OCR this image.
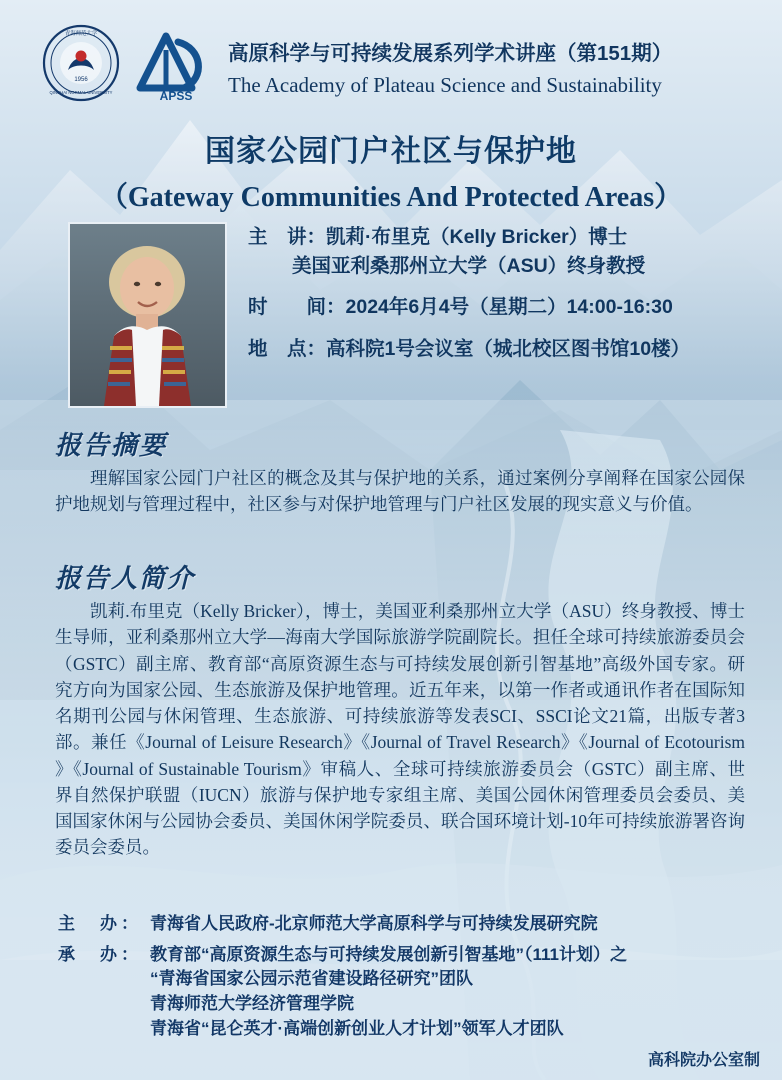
1956
青海师范大学
QINGHAI NORMAL UNIVERSITY	APSS
高原科学与可持续发展系列学术讲座（第151期）
The Academy of Plateau Science and Sustainability
国家公园门户社区与保护地
（Gateway Communities And Protected Areas）
主　讲：凯莉·布里克（Kelly Bricker）博士
美国亚利桑那州立大学（ASU）终身教授
时　　间：2024年6月4号（星期二）14:00-16:30
地　点：高科院1号会议室（城北校区图书馆10楼）
报告摘要
理解国家公园门户社区的概念及其与保护地的关系，通过案例分享阐释在国家公园保护地规划与管理过程中，社区参与对保护地管理与门户社区发展的现实意义与价值。
报告人简介
凯莉.布里克（Kelly Bricker），博士，美国亚利桑那州立大学（ASU）终身教授、博士生导师，亚利桑那州立大学—海南大学国际旅游学院副院长。担任全球可持续旅游委员会（GSTC）副主席、教育部“高原资源生态与可持续发展创新引智基地”高级外国专家。研究方向为国家公园、生态旅游及保护地管理。近五年来，以第一作者或通讯作者在国际知名期刊公园与休闲管理、生态旅游、可持续旅游等发表SCI、SSCI论文21篇，出版专著3部。兼任《Journal of Leisure Research》《Journal of Travel Research》《Journal of Ecotourism 》《Journal of Sustainable Tourism》审稿人、全球可持续旅游委员会（GSTC）副主席、世界自然保护联盟（IUCN）旅游与保护地专家组主席、美国公园休闲管理委员会委员、美国国家休闲与公园协会委员、美国休闲学院委员、联合国环境计划-10年可持续旅游署咨询委员会委员。
主　办： 青海省人民政府-北京师范大学高原科学与可持续发展研究院
承　办： 教育部“高原资源生态与可持续发展创新引智基地”（111计划）之
“青海省国家公园示范省建设路径研究”团队
青海师范大学经济管理学院
青海省“昆仑英才·高端创新创业人才计划”领军人才团队
高科院办公室制
